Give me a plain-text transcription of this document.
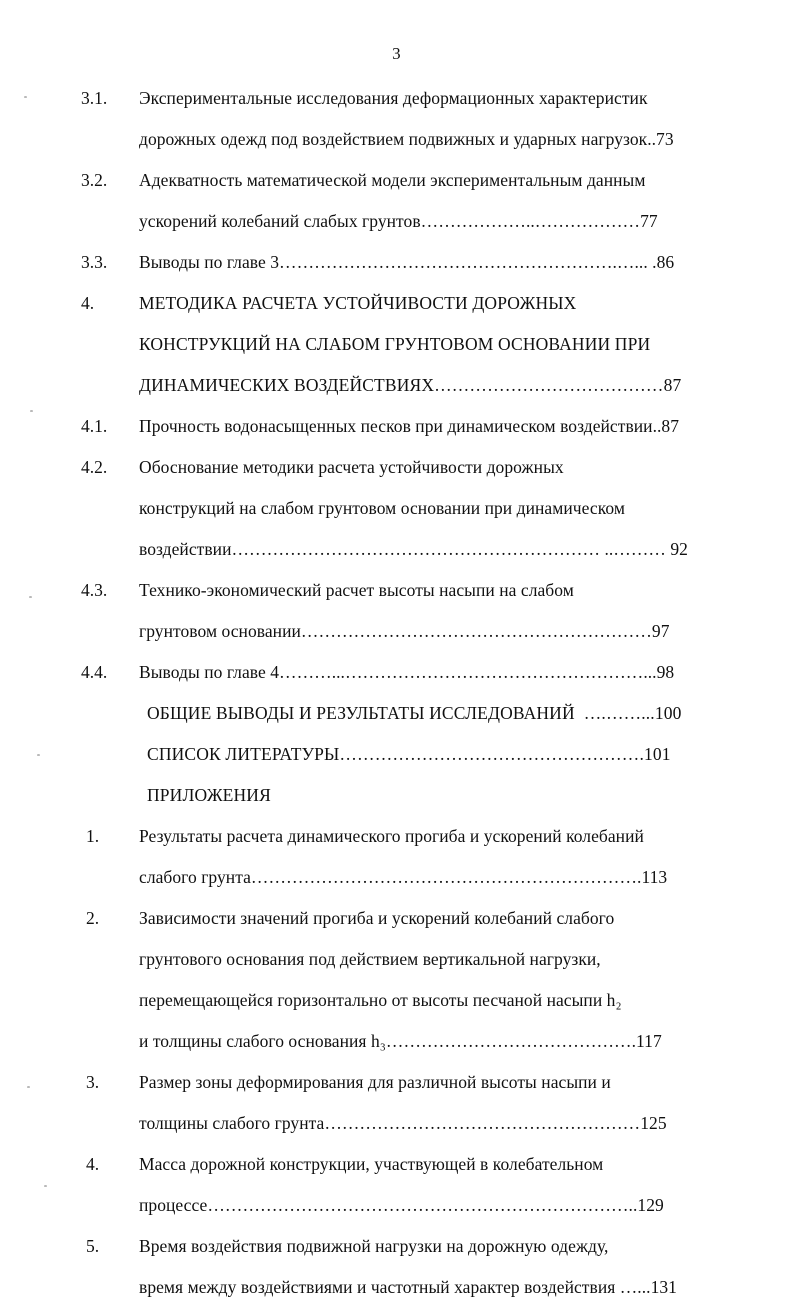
3
3.1.	Экспериментальные исследования деформационных характеристик
дорожных одежд под воздействием подвижных и ударных нагрузок..73
3.2.	Адекватность математической модели экспериментальным данным
ускорений колебаний слабых грунтов………………..………………77
3.3.	Выводы по главе 3………………………………………………….…... .86
4.	МЕТОДИКА РАСЧЕТА УСТОЙЧИВОСТИ ДОРОЖНЫХ
КОНСТРУКЦИЙ НА СЛАБОМ ГРУНТОВОМ ОСНОВАНИИ ПРИ
ДИНАМИЧЕСКИХ ВОЗДЕЙСТВИЯХ…………………………………87
4.1.	Прочность водонасыщенных песков при динамическом воздействии..87
4.2.	Обоснование методики расчета устойчивости дорожных
конструкций на слабом грунтовом основании при динамическом
воздействии……………………………………………………… ..……… 92
4.3.	Технико-экономический расчет высоты насыпи на слабом
грунтовом основании……………………………………………………97
4.4.	Выводы по главе 4………...……………………………………………...98
ОБЩИЕ ВЫВОДЫ И РЕЗУЛЬТАТЫ ИССЛЕДОВАНИЙ  ….……...100
СПИСОК ЛИТЕРАТУРЫ…………………………………………….101
ПРИЛОЖЕНИЯ
1.	Результаты расчета динамического прогиба и ускорений колебаний
слабого грунта………………………………………………………….113
2.	Зависимости значений прогиба и ускорений колебаний слабого
грунтового основания под действием вертикальной нагрузки,
перемещающейся горизонтально от высоты песчаной насыпи h₂
и толщины слабого основания h₃…………………………………….117
3.	Размер зоны деформирования для различной высоты насыпи и
толщины слабого грунта………………………………………………125
4.	Масса дорожной конструкции, участвующей в колебательном
процессе………………………………………………………………..129
5.	Время воздействия подвижной нагрузки на дорожную одежду,
время между воздействиями и частотный характер воздействия …...131
